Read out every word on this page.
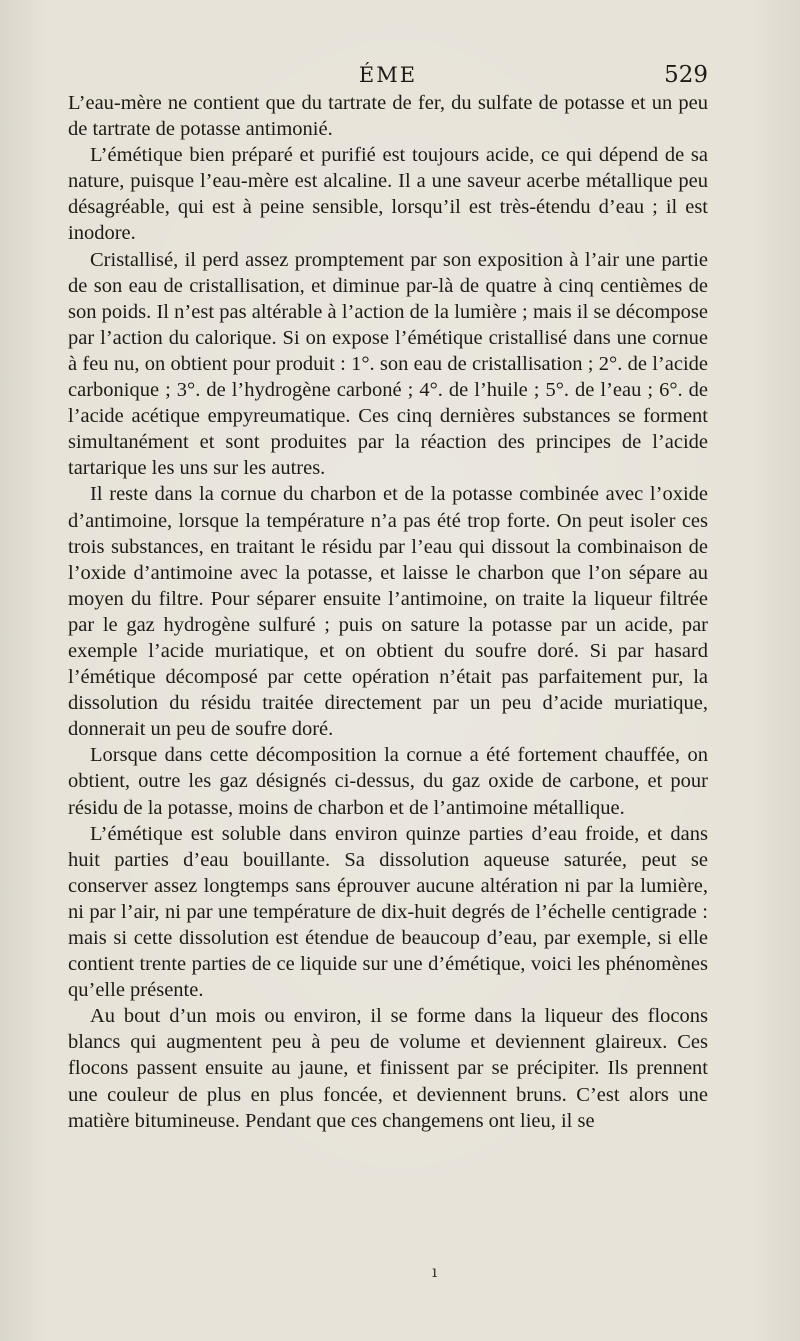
ÉME	529

L’eau-mère ne contient que du tartrate de fer, du sulfate de potasse et un peu de tartrate de potasse antimonié.

L’émétique bien préparé et purifié est toujours acide, ce qui dépend de sa nature, puisque l’eau-mère est alcaline. Il a une saveur acerbe métallique peu désagréable, qui est à peine sensible, lorsqu’il est très-étendu d’eau ; il est inodore.

Cristallisé, il perd assez promptement par son exposition à l’air une partie de son eau de cristallisation, et diminue par-là de quatre à cinq centièmes de son poids. Il n’est pas altérable à l’action de la lumière ; mais il se décompose par l’action du calorique. Si on expose l’émétique cristallisé dans une cornue à feu nu, on obtient pour produit : 1°. son eau de cristallisation ; 2°. de l’acide carbonique ; 3°. de l’hydrogène carboné ; 4°. de l’huile ; 5°. de l’eau ; 6°. de l’acide acétique empyreumatique. Ces cinq dernières substances se forment simultanément et sont produites par la réaction des principes de l’acide tartarique les uns sur les autres.

Il reste dans la cornue du charbon et de la potasse combinée avec l’oxide d’antimoine, lorsque la température n’a pas été trop forte. On peut isoler ces trois substances, en traitant le résidu par l’eau qui dissout la combinaison de l’oxide d’antimoine avec la potasse, et laisse le charbon que l’on sépare au moyen du filtre. Pour séparer ensuite l’antimoine, on traite la liqueur filtrée par le gaz hydrogène sulfuré ; puis on sature la potasse par un acide, par exemple l’acide muriatique, et on obtient du soufre doré. Si par hasard l’émétique décomposé par cette opération n’était pas parfaitement pur, la dissolution du résidu traitée directement par un peu d’acide muriatique, donnerait un peu de soufre doré.

Lorsque dans cette décomposition la cornue a été fortement chauffée, on obtient, outre les gaz désignés ci-dessus, du gaz oxide de carbone, et pour résidu de la potasse, moins de charbon et de l’antimoine métallique.

L’émétique est soluble dans environ quinze parties d’eau froide, et dans huit parties d’eau bouillante. Sa dissolution aqueuse saturée, peut se conserver assez longtemps sans éprouver aucune altération ni par la lumière, ni par l’air, ni par une température de dix-huit degrés de l’échelle centigrade : mais si cette dissolution est étendue de beaucoup d’eau, par exemple, si elle contient trente parties de ce liquide sur une d’émétique, voici les phénomènes qu’elle présente.

Au bout d’un mois ou environ, il se forme dans la liqueur des flocons blancs qui augmentent peu à peu de volume et deviennent glaireux. Ces flocons passent ensuite au jaune, et finissent par se précipiter. Ils prennent une couleur de plus en plus foncée, et deviennent bruns. C’est alors une matière bitumineuse. Pendant que ces changemens ont lieu, il se

ı
